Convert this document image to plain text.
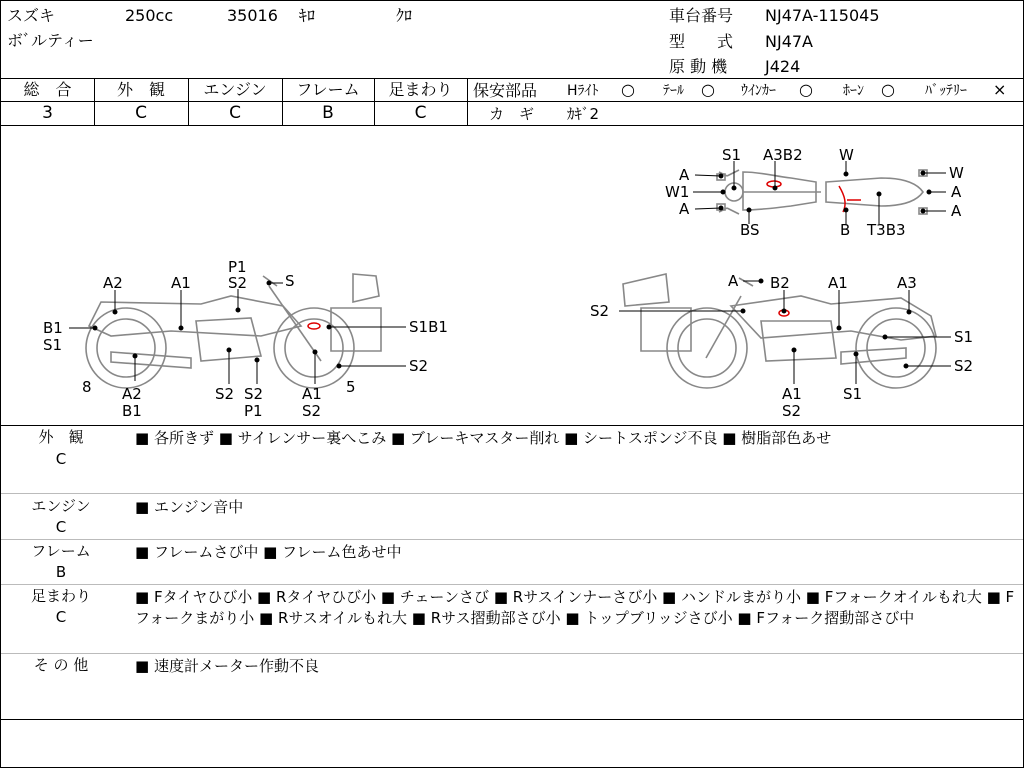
スズキ	250cc	35016 ｷﾛ	ｸﾛ
ボﾞルティー
車台番号 NJ47A-115045
型　　式 NJ47A
原 動 機 J424
総　合
3
外　観
C
エンジン
C
フレーム
B
足まわり
C
保安部品 Hﾗｲﾄ ○ ﾃｰﾙ ○ ｳｲﾝｶｰ ○ ﾎｰﾝ ○ ﾊﾞｯﾃﾘｰ ×
カ　ギ ｶｷﾞ2
S1 A3B2 W
A
W1
A
BS	B T3B3
W
A
A
P1
S2	S
A2	A1
B1
S1
S1B1
S2
8 A2
B1
S2 S2
P1
A1
S2
5
A B2	A1	A3
S2
S1
S2
A1
S2
S1
外　観
C
■ 各所きず ■ サイレンサー裏へこみ ■ ブレーキマスター削れ ■ シートスポンジ不良 ■ 樹脂部色あせ
エンジン
C
■ エンジン音中
フレーム
B
■ フレームさび中 ■ フレーム色あせ中
足まわり
C
■ Fタイヤひび小 ■ Rタイヤひび小 ■ チェーンさび ■ Rサスインナーさび小 ■ ハンドルまがり小 ■ Fフォークオイルもれ大 ■ Fフォークまがり小 ■ Rサスオイルもれ大 ■ Rサス摺動部さび小 ■ トップブリッジさび小 ■ Fフォーク摺動部さび中
そ の 他	■ 速度計メーター作動不良
